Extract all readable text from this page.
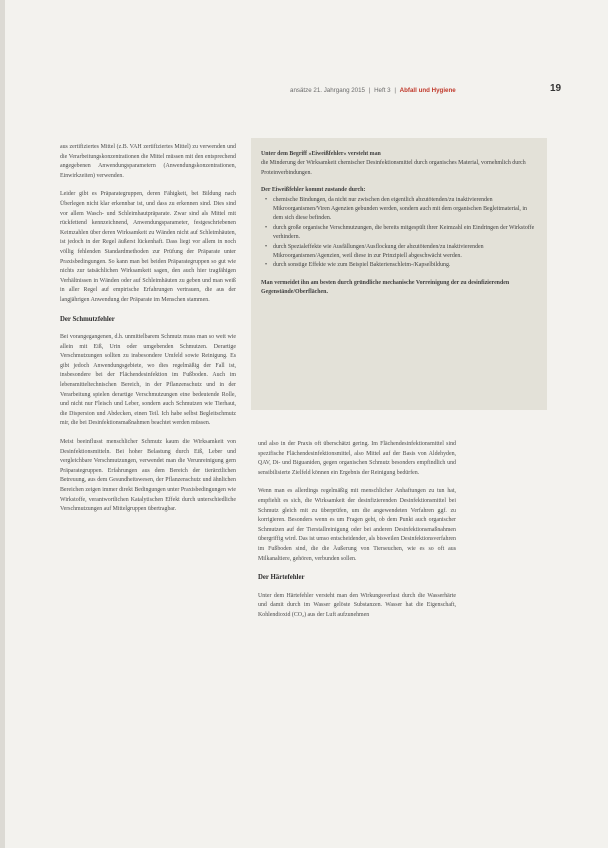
ansätze 21. Jahrgang 2015 | Heft 3 | Abfall und Hygiene	19

aus zertifiziertes Mittel (z.B. VAH zertifiziertes Mittel) zu verwenden und die Verarbeitungskonzentrationen die Mittel müssen mit den entsprechend angegebenen Anwendungsparametern (Anwendungskonzentrationen, Einwirkzeiten) verwenden.

Leider gibt es Präparategruppen, deren Fähigkeit, bei Bildung nach Überlegen nicht klar erkennbar ist, und dass zu erkennen sind. Dies sind vor allem Wasch- und Schleimhautpräparate. Zwar sind als Mittel mit rückfettend kennzeichnend, Anwendungsparameter, festgeschriebenen Keimzahlen über deren Wirksamkeit zu Wänden nicht auf Schleimhäuten, ist jedoch in der Regel äußerst lückenhaft. Dass liegt vor allem in noch völlig fehlenden Standardmethoden zur Prüfung der Präparate unter Praxisbedingungen. So kann man bei beiden Präparategruppen so gut wie nichts zur tatsächlichen Wirksamkeit sagen, den auch hier tragfähigen Verhältnissen in Wänden oder auf Schleimhäuten zu geben und man weiß in aller Regel auf empirische Erfahrungen vertrauen, die aus der langjährigen Anwendung der Präparate im Menschen stammen.

Der Schmutzfehler

Bei vorangegangenen, d.h. unmittelbarem Schmutz muss man so weit wie allein mit Eiß, Urin oder umgebenden Schmutzen. Derartige Verschmutzungen sollten zu insbesondere Umfeld sowie Reinigung. Es gibt jedoch Anwendungsgebiete, wo dies regelmäßig der Fall ist, insbesondere bei der Flächendesinfektion im Fußboden. Auch im lebensmitteltechnischen Bereich, in der Pflanzenschutz und in der Verarbeitung spielen derartige Verschmutzungen eine bedeutende Rolle, und nicht nur Fleisch und Leber, sondern auch Schmutzen wie Tierhaut, die Dispersion und Abdecken, einen Teil. Ich habe selbst Begleitschmutz mir, die bei Desinfektionsmaßnahmen beachtet werden müssen.

Meist beeinflusst menschlicher Schmutz kaum die Wirksamkeit von Desinfektionsmitteln. Bei hoher Belastung durch Eiß, Leber und vergleichbare Verschmutzungen, verwendet man die Verunreinigung gern Präparategruppen. Erfahrungen aus dem Bereich der tierärztlichen Betreuung, aus dem Gesundheitswesen, der Pflanzenschutz und ähnlichen Bereichen zeigen immer direkt Bedingungen unter Praxisbedingungen wie Wirkstoffe, verantwortlichen Katalytischen Effekt durch unterschiedliche Verschmutzungen auf Mittelgruppen übertragbar.

Unter dem Begriff »Eiweißfehler« versteht man

die Minderung der Wirksamkeit chemischer Desinfektionsmittel durch organisches Material, vornehmlich durch Proteinverbindungen.

Der Eiweißfehler kommt zustande durch:
• chemische Bindungen, da nicht nur zwischen den eigentlich abzutötenden/zu inaktivierenden Mikroorganismen/Viren Agenzien gebunden werden, sondern auch mit dem organischen Begleitmaterial, in dem sich diese befinden.
• durch große organische Verschmutzungen, die bereits mitgespült ihrer Keimzahl ein Eindringen der Wirkstoffe verhindern.
• durch Spezialeffekte wie Ausfällungen/Ausflockung der abzutötenden/zu inaktivierenden Mikroorganismen/Agenzien, weil diese in zur Prinzipiell abgeschwächt werden.
• durch sonstige Effekte wie zum Beispiel Bakterienschleim-/Kapselbildung.
Man vermeidet ihn am besten durch gründliche mechanische Vorreinigung der zu desinfizierenden Gegenstände/Oberflächen.

und also in der Praxis oft überschätzt gering. Im Flächendesinfektionsmittel sind spezifische Flächendesinfektionsmittel, also Mittel auf der Basis von Aldehyden, QAV, Di- und Biguaniden, gegen organischen Schmutz besonders empfindlich und sensibilisierte Zielfeld können ein Ergebnis der Reinigung bedürfen.

Wenn man es allerdings regelmäßig mit menschlicher Anhaftungen zu tun hat, empfiehlt es sich, die Wirksamkeit der desinfizierenden Desinfektionsmittel bei Schmutz gleich mit zu überprüfen, um die angewendeten Verfahren ggf. zu korrigieren. Besonders wenn es um Fragen geht, ob dem Punkt auch organischer Schmutzen auf der Tierstallreinigung oder bei anderen Desinfektionsmaßnahmen übergriffig wird. Das ist umso entscheidender, als bisweilen Desinfektionsverfahren im Fußboden sind, die die Äußerung von Tierseuchen, wie es so oft aus Milkanaltiere, gehören, verbunden sollen.

Der Härtefehler

Unter dem Härtefehler versteht man den Wirkungsverlust durch die Wasserhärte und damit durch im Wasser gelöste Substanzen. Wasser hat die Eigenschaft, Kohlendioxid (CO₂) aus der Luft aufzunehmen
